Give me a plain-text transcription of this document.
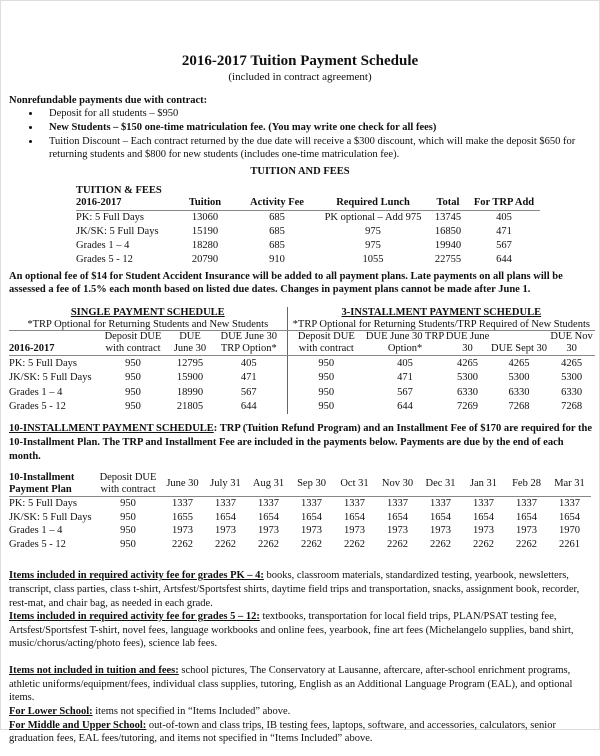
2016-2017 Tuition Payment Schedule
(included in contract agreement)
Nonrefundable payments due with contract:
• Deposit for all students – $950
• New Students – $150 one-time matriculation fee. (You may write one check for all fees)
• Tuition Discount – Each contract returned by the due date will receive a $300 discount, which will make the deposit $650 for returning students and $800 for new students (includes one-time matriculation fee).
TUITION AND FEES
TUITION & FEES
2016-2017	Tuition	Activity Fee	Required Lunch	Total	For TRP Add
PK: 5 Full Days	13060	685	PK optional – Add 975	13745	405
JK/SK: 5 Full Days	15190	685	975	16850	471
Grades 1 – 4	18280	685	975	19940	567
Grades 5 - 12	20790	910	1055	22755	644
An optional fee of $14 for Student Accident Insurance will be added to all payment plans. Late payments on all plans will be assessed a fee of 1.5% each month based on listed due dates. Changes in payment plans cannot be made after June 1.
SINGLE PAYMENT SCHEDULE				3-INSTALLMENT PAYMENT SCHEDULE				
*TRP Optional for Returning Students and New Students				*TRP Optional for Returning Students/TRP Required of New Students				
2016-2017	Deposit DUE with contract	DUE June 30	DUE June 30 TRP Option*	Deposit DUE with contract	DUE June 30 TRP Option*	DUE June 30	DUE Sept 30	DUE Nov 30
PK: 5 Full Days	950	12795	405	950	405	4265	4265	4265
JK/SK: 5 Full Days	950	15900	471	950	471	5300	5300	5300
Grades 1 – 4	950	18990	567	950	567	6330	6330	6330
Grades 5 - 12	950	21805	644	950	644	7269	7268	7268
10-INSTALLMENT PAYMENT SCHEDULE: TRP (Tuition Refund Program) and an Installment Fee of $170 are required for the 10-Installment Plan. The TRP and Installment Fee are included in the payments below. Payments are due by the end of each month.
10-Installment Payment Plan	Deposit DUE with contract	June 30	July 31	Aug 31	Sep 30	Oct 31	Nov 30	Dec 31	Jan 31	Feb 28	Mar 31
PK: 5 Full Days	950	1337	1337	1337	1337	1337	1337	1337	1337	1337	1337
JK/SK: 5 Full Days	950	1655	1654	1654	1654	1654	1654	1654	1654	1654	1654
Grades 1 – 4	950	1973	1973	1973	1973	1973	1973	1973	1973	1973	1970
Grades 5 - 12	950	2262	2262	2262	2262	2262	2262	2262	2262	2262	2261

Items included in required activity fee for grades PK – 4: books, classroom materials, standardized testing, yearbook, newsletters, transcript, class parties, class t-shirt, Artsfest/Sportsfest shirts, daytime field trips and transportation, snacks, assignment book, recorder, rest-mat, and chair bag, as needed in each grade.

Items included in required activity fee for grades 5 – 12: textbooks, transportation for local field trips, PLAN/PSAT testing fee, Artsfest/Sportsfest T-shirt, novel fees, language workbooks and online fees, yearbook, fine art fees (Michelangelo supplies, band shirt, music/chorus/acting/photo fees), science lab fees.

Items not included in tuition and fees: school pictures, The Conservatory at Lausanne, aftercare, after-school enrichment programs, athletic uniforms/equipment/fees, individual class supplies, tutoring, English as an Additional Language Program (EAL), and optional items.

For Lower School: items not specified in “Items Included” above.

For Middle and Upper School: out-of-town and class trips, IB testing fees, laptops, software, and accessories, calculators, senior graduation fees, EAL fees/tutoring, and items not specified in “Items Included” above.
